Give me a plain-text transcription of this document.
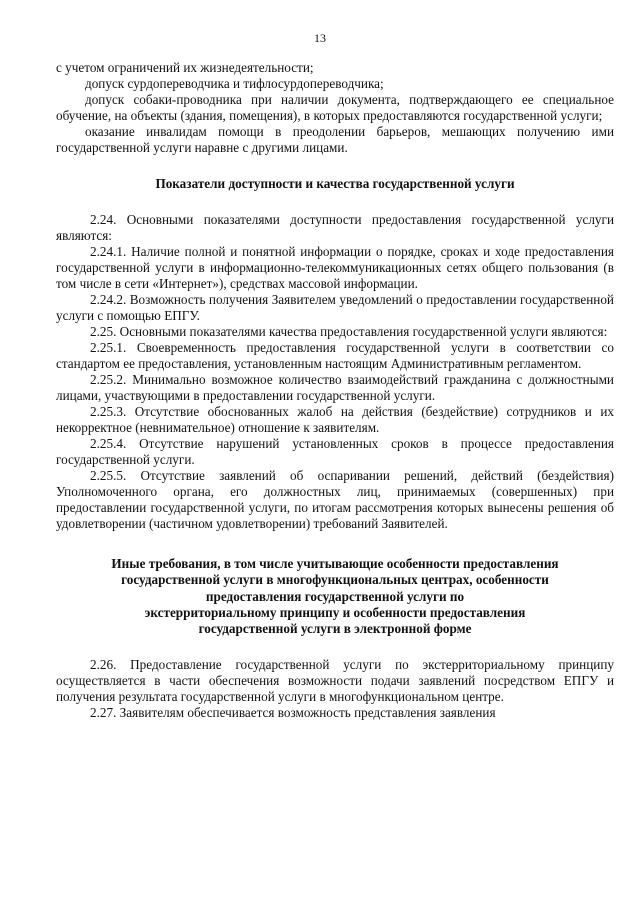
13

с учетом ограничений их жизнедеятельности;

допуск сурдопереводчика и тифлосурдопереводчика;

допуск собаки-проводника при наличии документа, подтверждающего ее специальное обучение, на объекты (здания, помещения), в которых предоставляются государственной услуги;

оказание инвалидам помощи в преодолении барьеров, мешающих получению ими государственной услуги наравне с другими лицами.

Показатели доступности и качества государственной услуги

2.24. Основными показателями доступности предоставления государственной услуги являются:

2.24.1. Наличие полной и понятной информации о порядке, сроках и ходе предоставления государственной услуги в информационно-телекоммуникационных сетях общего пользования (в том числе в сети «Интернет»), средствах массовой информации.

2.24.2. Возможность получения Заявителем уведомлений о предоставлении государственной услуги с помощью ЕПГУ.

2.25. Основными показателями качества предоставления государственной услуги являются:

2.25.1. Своевременность предоставления государственной услуги в соответствии со стандартом ее предоставления, установленным настоящим Административным регламентом.

2.25.2. Минимально возможное количество взаимодействий гражданина с должностными лицами, участвующими в предоставлении государственной услуги.

2.25.3. Отсутствие обоснованных жалоб на действия (бездействие) сотрудников и их некорректное (невнимательное) отношение к заявителям.

2.25.4. Отсутствие нарушений установленных сроков в процессе предоставления государственной услуги.

2.25.5. Отсутствие заявлений об оспаривании решений, действий (бездействия) Уполномоченного органа, его должностных лиц, принимаемых (совершенных) при предоставлении государственной услуги, по итогам рассмотрения которых вынесены решения об удовлетворении (частичном удовлетворении) требований Заявителей.

Иные требования, в том числе учитывающие особенности предоставления
государственной услуги в многофункциональных центрах, особенности
предоставления государственной услуги по
экстерриториальному принципу и особенности предоставления
государственной услуги в электронной форме

2.26. Предоставление государственной услуги по экстерриториальному принципу осуществляется в части обеспечения возможности подачи заявлений посредством ЕПГУ и получения результата государственной услуги в многофункциональном центре.

2.27. Заявителям обеспечивается возможность представления заявления
